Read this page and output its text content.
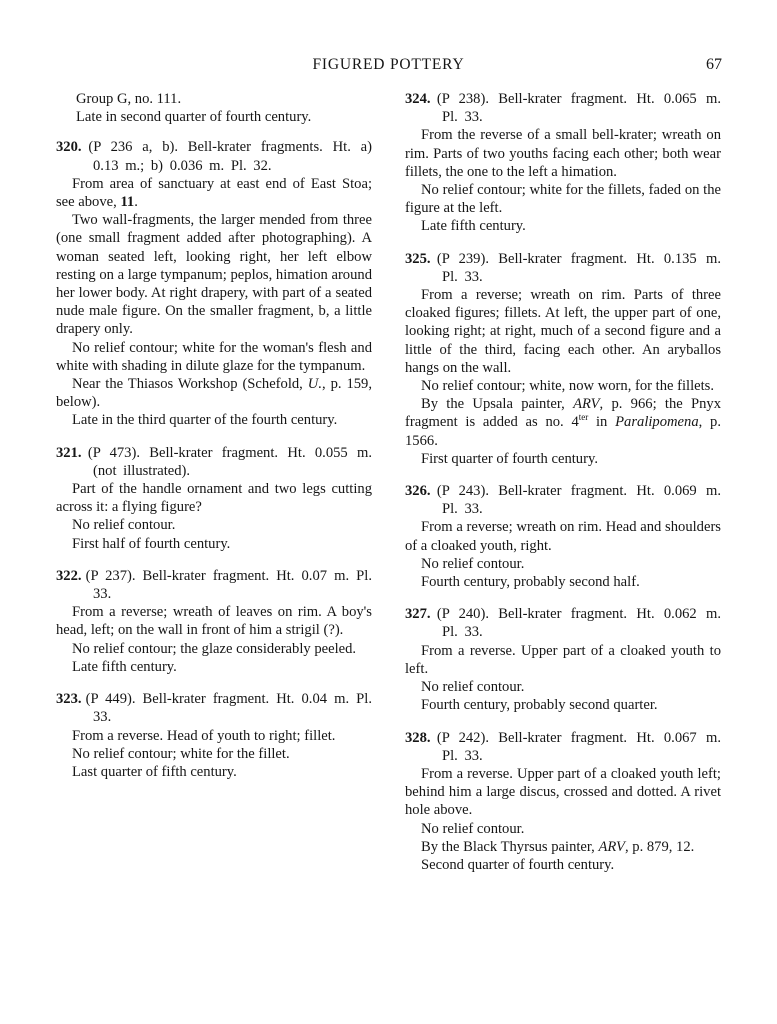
FIGURED POTTERY	67

Group G, no. 111.

Late in second quarter of fourth century.

320. (P 236 a, b). Bell-krater fragments. Ht. a) 0.13 m.; b) 0.036 m. Pl. 32.

From area of sanctuary at east end of East Stoa; see above, 11.

Two wall-fragments, the larger mended from three (one small fragment added after photographing). A woman seated left, looking right, her left elbow resting on a large tympanum; peplos, himation around her lower body. At right drapery, with part of a seated nude male figure. On the smaller fragment, b, a little drapery only.

No relief contour; white for the woman's flesh and white with shading in dilute glaze for the tympanum.

Near the Thiasos Workshop (Schefold, U., p. 159, below).

Late in the third quarter of the fourth century.

321. (P 473). Bell-krater fragment. Ht. 0.055 m. (not illustrated).

Part of the handle ornament and two legs cutting across it: a flying figure?

No relief contour.

First half of fourth century.

322. (P 237). Bell-krater fragment. Ht. 0.07 m. Pl. 33.

From a reverse; wreath of leaves on rim. A boy's head, left; on the wall in front of him a strigil (?).

No relief contour; the glaze considerably peeled.

Late fifth century.

323. (P 449). Bell-krater fragment. Ht. 0.04 m. Pl. 33.

From a reverse. Head of youth to right; fillet.

No relief contour; white for the fillet.

Last quarter of fifth century.

324. (P 238). Bell-krater fragment. Ht. 0.065 m. Pl. 33.

From the reverse of a small bell-krater; wreath on rim. Parts of two youths facing each other; both wear fillets, the one to the left a himation.

No relief contour; white for the fillets, faded on the figure at the left.

Late fifth century.

325. (P 239). Bell-krater fragment. Ht. 0.135 m. Pl. 33.

From a reverse; wreath on rim. Parts of three cloaked figures; fillets. At left, the upper part of one, looking right; at right, much of a second figure and a little of the third, facing each other. An aryballos hangs on the wall.

No relief contour; white, now worn, for the fillets.

By the Upsala painter, ARV, p. 966; the Pnyx fragment is added as no. $4^{ter}$ in Paralipomena, p. 1566.

First quarter of fourth century.

326. (P 243). Bell-krater fragment. Ht. 0.069 m. Pl. 33.

From a reverse; wreath on rim. Head and shoulders of a cloaked youth, right.

No relief contour.

Fourth century, probably second half.

327. (P 240). Bell-krater fragment. Ht. 0.062 m. Pl. 33.

From a reverse. Upper part of a cloaked youth to left.

No relief contour.

Fourth century, probably second quarter.

328. (P 242). Bell-krater fragment. Ht. 0.067 m. Pl. 33.

From a reverse. Upper part of a cloaked youth left; behind him a large discus, crossed and dotted. A rivet hole above.

No relief contour.

By the Black Thyrsus painter, ARV, p. 879, 12.

Second quarter of fourth century.
